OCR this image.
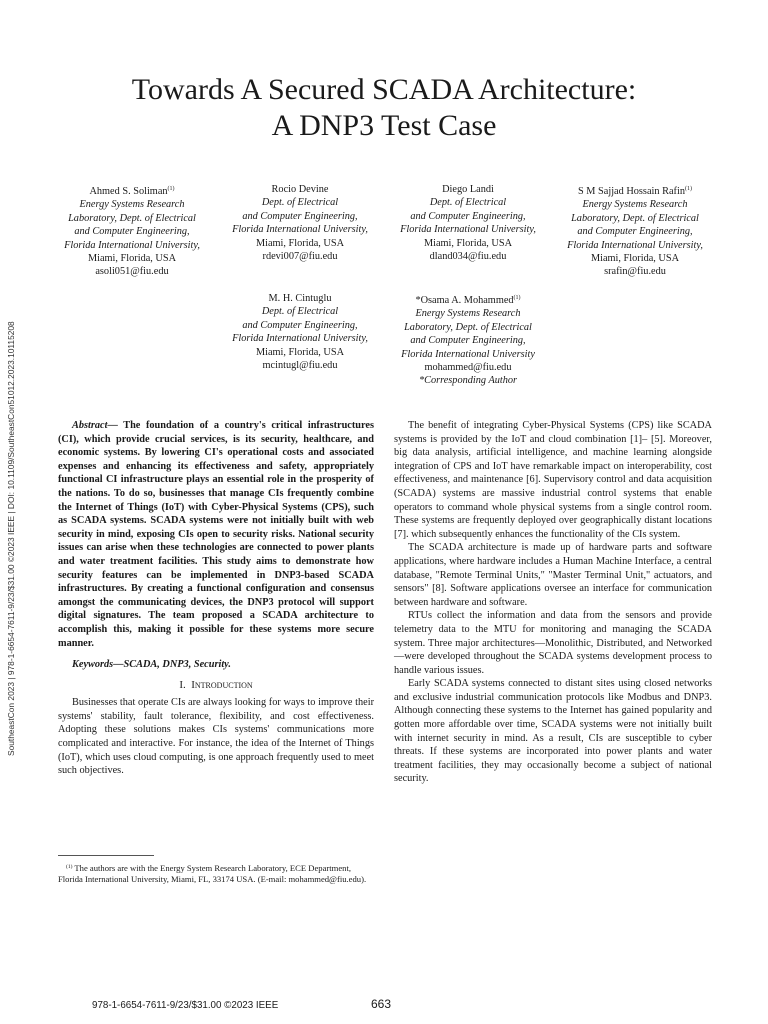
SoutheastCon 2023 | 978-1-6654-7611-9/23/$31.00 ©2023 IEEE | DOI: 10.1109/SoutheastCon51012.2023.10115208
Towards A Secured SCADA Architecture:
A DNP3 Test Case
Ahmed S. Soliman$^{(1)}$
Energy Systems Research
Laboratory, Dept. of Electrical
and Computer Engineering,
Florida International University,
Miami, Florida, USA
asoli051@fiu.edu
Rocio Devine
Dept. of Electrical
and Computer Engineering,
Florida International University,
Miami, Florida, USA
rdevi007@fiu.edu
Diego Landi
Dept. of Electrical
and Computer Engineering,
Florida International University,
Miami, Florida, USA
dland034@fiu.edu
S M Sajjad Hossain Rafin$^{(1)}$
Energy Systems Research
Laboratory, Dept. of Electrical
and Computer Engineering,
Florida International University,
Miami, Florida, USA
srafin@fiu.edu
M. H. Cintuglu
Dept. of Electrical
and Computer Engineering,
Florida International University,
Miami, Florida, USA
mcintugl@fiu.edu
*Osama A. Mohammed$^{(1)}$
Energy Systems Research
Laboratory, Dept. of Electrical
and Computer Engineering,
Florida International University
mohammed@fiu.edu
*Corresponding Author

Abstract— The foundation of a country's critical infrastructures (CI), which provide crucial services, is its security, healthcare, and economic systems. By lowering CI's operational costs and associated expenses and enhancing its effectiveness and safety, appropriately functional CI infrastructure plays an essential role in the prosperity of the nations. To do so, businesses that manage CIs frequently combine the Internet of Things (IoT) with Cyber-Physical Systems (CPS), such as SCADA systems. SCADA systems were not initially built with web security in mind, exposing CIs open to security risks. National security issues can arise when these technologies are connected to power plants and water treatment facilities. This study aims to demonstrate how security features can be implemented in DNP3-based SCADA infrastructures. By creating a functional configuration and consensus amongst the communicating devices, the DNP3 protocol will support digital signatures. The team proposed a SCADA architecture to accomplish this, making it possible for these systems more secure manner.

Keywords—SCADA, DNP3, Security.

I. Introduction

Businesses that operate CIs are always looking for ways to improve their systems' stability, fault tolerance, flexibility, and cost effectiveness. Adopting these solutions makes CIs systems' communications more complicated and interactive. For instance, the idea of the Internet of Things (IoT), which uses cloud computing, is one approach frequently used to meet such objectives.

$^{(1)}$ The authors are with the Energy System Research Laboratory, ECE Department, Florida International University, Miami, FL, 33174 USA. (E-mail: mohammed@fiu.edu).

The benefit of integrating Cyber-Physical Systems (CPS) like SCADA systems is provided by the IoT and cloud combination [1]– [5]. Moreover, big data analysis, artificial intelligence, and machine learning alongside integration of CPS and IoT have remarkable impact on interoperability, cost effectiveness, and maintenance [6]. Supervisory control and data acquisition (SCADA) systems are massive industrial control systems that enable operators to command whole physical systems from a single control room. These systems are frequently deployed over geographically distant locations [7]. which subsequently enhances the functionality of the CIs system.

The SCADA architecture is made up of hardware parts and software applications, where hardware includes a Human Machine Interface, a central database, "Remote Terminal Units," "Master Terminal Unit," actuators, and sensors" [8]. Software applications oversee an interface for communication between hardware and software.

RTUs collect the information and data from the sensors and provide telemetry data to the MTU for monitoring and managing the SCADA system. Three major architectures—Monolithic, Distributed, and Networked—were developed throughout the SCADA systems development process to handle various issues.

Early SCADA systems connected to distant sites using closed networks and exclusive industrial communication protocols like Modbus and DNP3. Although connecting these systems to the Internet has gained popularity and gotten more affordable over time, SCADA systems were not initially built with internet security in mind. As a result, CIs are susceptible to cyber threats. If these systems are incorporated into power plants and water treatment facilities, they may occasionally become a subject of national security.

978-1-6654-7611-9/23/$31.00 ©2023 IEEE	663
